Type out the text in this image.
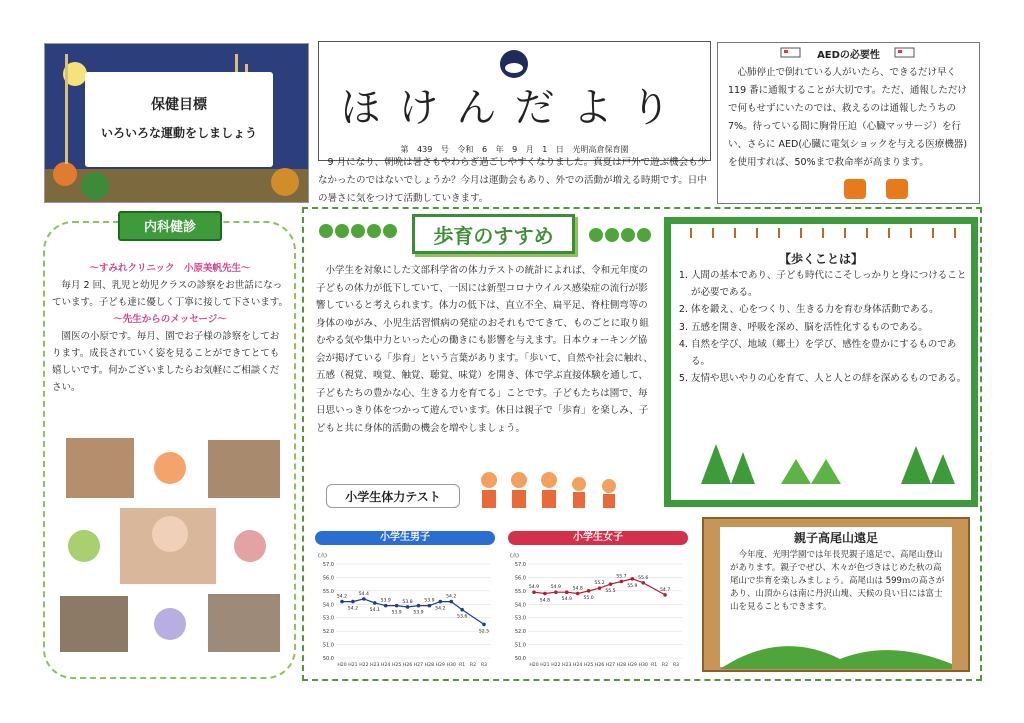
保健目標
いろいろな運動をしましょう
ほけんだより
第 439 号 令和 6 年 9 月 1 日 光明高倉保育園
9 月になり、朝晩は暑さもやわらぎ過ごしやすくなりました。真夏は戸外で遊ぶ機会も少なかったのではないでしょうか？今月は運動会もあり、外での活動が増える時期です。日中の暑さに気をつけて活動していきます。
AEDの必要性
心肺停止で倒れている人がいたら、できるだけ早く 119 番に通報することが大切です。ただ、通報しただけで何もせずにいたのでは、救えるのは通報したうちの 7%。待っている間に胸骨圧迫（心臓マッサージ）を行い、さらに AED(心臓に電気ショックを与える医療機器)を使用すれば、50%まで救命率が高まります。
内科健診
～すみれクリニック　小原美帆先生～
毎月 2 回、乳児と幼児クラスの診察をお世話になっています。子ども達に優しく丁寧に接して下さいます。
～先生からのメッセージ～
園医の小原です。毎月、園でお子様の診察をしております。成長されていく姿を見ることができてとても嬉しいです。何かございましたらお気軽にご相談ください。
歩育のすすめ
小学生を対象にした文部科学省の体力テストの統計によれば、令和元年度の子どもの体力が低下していて、一因には新型コロナウイルス感染症の流行が影響していると考えられます。体力の低下は、直立不全、扁平足、脊柱側弯等の身体のゆがみ、小児生活習慣病の発症のおそれもでてきて、ものごとに取り組むやる気や集中力といった心の働きにも影響を与えます。日本ウォーキング協会が掲げている「歩育」という言葉があります。「歩いて、自然や社会に触れ、五感（視覚、嗅覚、触覚、聴覚、味覚）を開き、体で学ぶ直接体験を通して、子どもたちの豊かな心、生きる力を育てる」ことです。子どもたちは園で、毎日思いっきり体をつかって遊んでいます。休日は親子で「歩育」を楽しみ、子どもと共に身体的活動の機会を増やしましょう。
【歩くことは】
1. 人間の基本であり、子ども時代にこそしっかりと身につけることが必要である。
2. 体を鍛え、心をつくり、生きる力を育む身体活動である。
3. 五感を開き、呼吸を深め、脳を活性化するものである。
4. 自然を学び、地域（郷土）を学び、感性を豊かにするものである。
5. 友情や思いやりの心を育て、人と人との絆を深めるものである。
小学生体力テスト
小学生男子	小学生女子
(点)
50.0
51.0
52.0
53.0
54.0
55.0
56.0
57.0
H20 H21 H22 H23 H24 H25 H26 H27 H28 H29 H30 R1 R2 R3
54.2
54.2
54.4
54.1
53.9
53.9
53.8
53.9
53.9
54.2
54.2
53.6
52.5
(点)
50.0
51.0
52.0
53.0
54.0
55.0
56.0
57.0
H20 H21 H22 H23 H24 H25 H26 H27 H28 H29 H30 R1 R2 R3
54.9
54.8
54.9
54.9
54.8
55.0
55.2
55.5
55.7
55.9
55.6
54.7
親子高尾山遠足
今年度、光明学園では年長児親子遠足で、高尾山登山があります。親子でぜひ、木々が色づきはじめた秋の高尾山で歩育を楽しみましょう。高尾山は 599ｍの高さがあり、山頂からは南に丹沢山塊、天候の良い日には富士山を見ることもできます。
